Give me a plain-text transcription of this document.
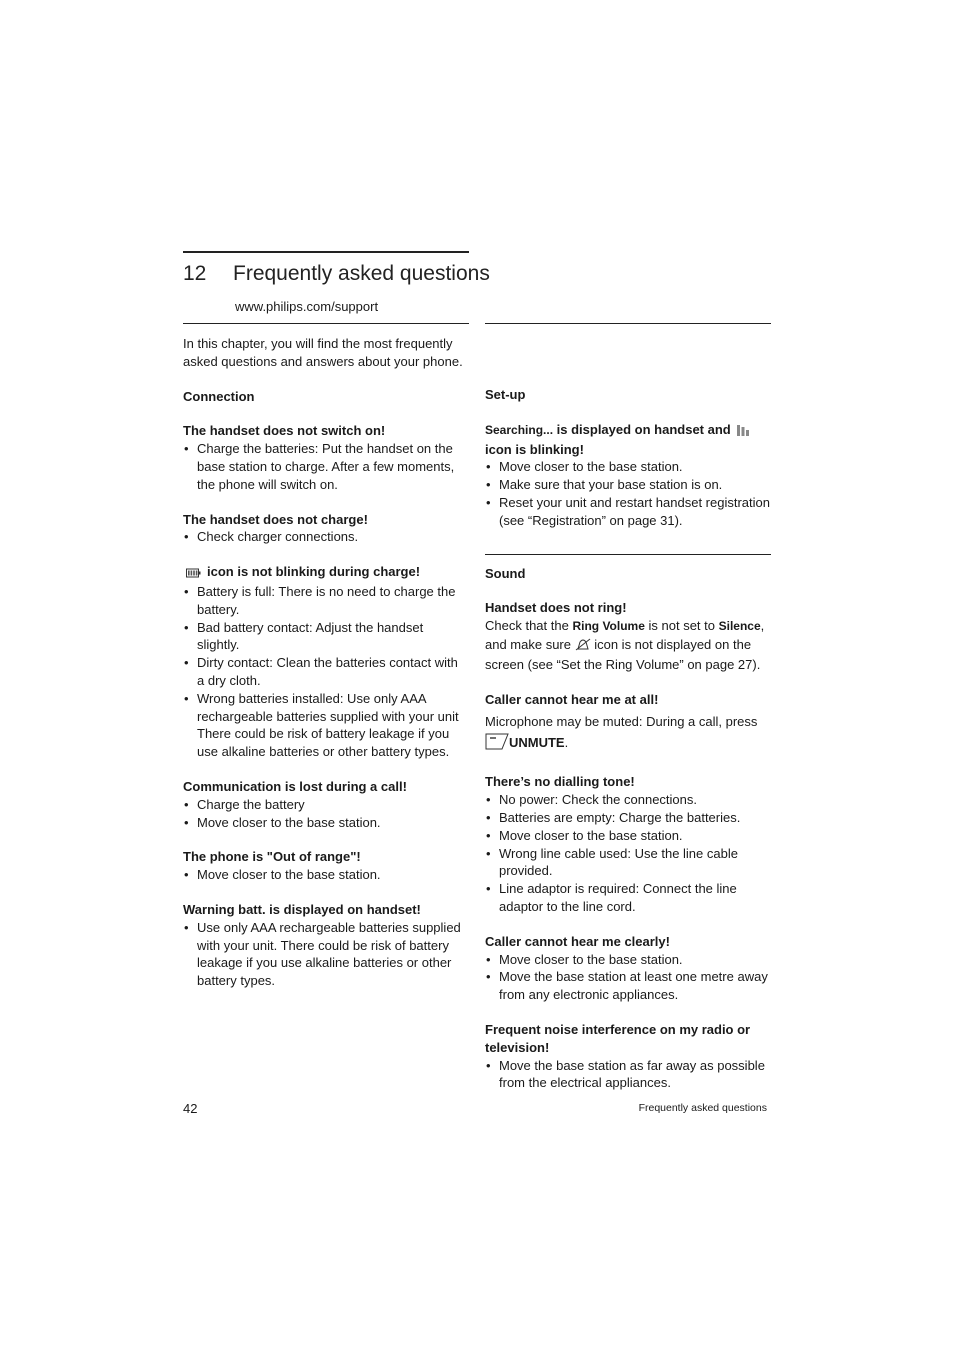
12 Frequently asked questions
www.philips.com/support

In this chapter, you will find the most frequently asked questions and answers about your phone.

Connection

The handset does not switch on!

• Charge the batteries: Put the handset on the base station to charge. After a few moments, the phone will switch on.

The handset does not charge!

• Check charger connections.

icon is not blinking during charge!

• Battery is full: There is no need to charge the battery.
• Bad battery contact: Adjust the handset slightly.
• Dirty contact: Clean the batteries contact with a dry cloth.
• Wrong batteries installed: Use only AAA rechargeable batteries supplied with your unit There could be risk of battery leakage if you use alkaline batteries or other battery types.

Communication is lost during a call!

• Charge the battery
• Move closer to the base station.

The phone is "Out of range"!

• Move closer to the base station.

Warning batt. is displayed on handset!

• Use only AAA rechargeable batteries supplied with your unit. There could be risk of battery leakage if you use alkaline batteries or other battery types.

Set-up

Searching... is displayed on handset and
icon is blinking!

• Move closer to the base station.
• Make sure that your base station is on.
• Reset your unit and restart handset registration (see “Registration” on page 31).

Sound

Handset does not ring!

Check that the Ring Volume is not set to Silence, and make sure  icon is not displayed on the screen (see “Set the Ring Volume” on page 27).

Caller cannot hear me at all!

Microphone may be muted: During a call, press
UNMUTE.

There’s no dialling tone!

• No power: Check the connections.
• Batteries are empty: Charge the batteries.
• Move closer to the base station.
• Wrong line cable used: Use the line cable provided.
• Line adaptor is required: Connect the line adaptor to the line cord.

Caller cannot hear me clearly!

• Move closer to the base station.
• Move the base station at least one metre away from any electronic appliances.

Frequent noise interference on my radio or television!

• Move the base station as far away as possible from the electrical appliances.
42	Frequently asked questions
